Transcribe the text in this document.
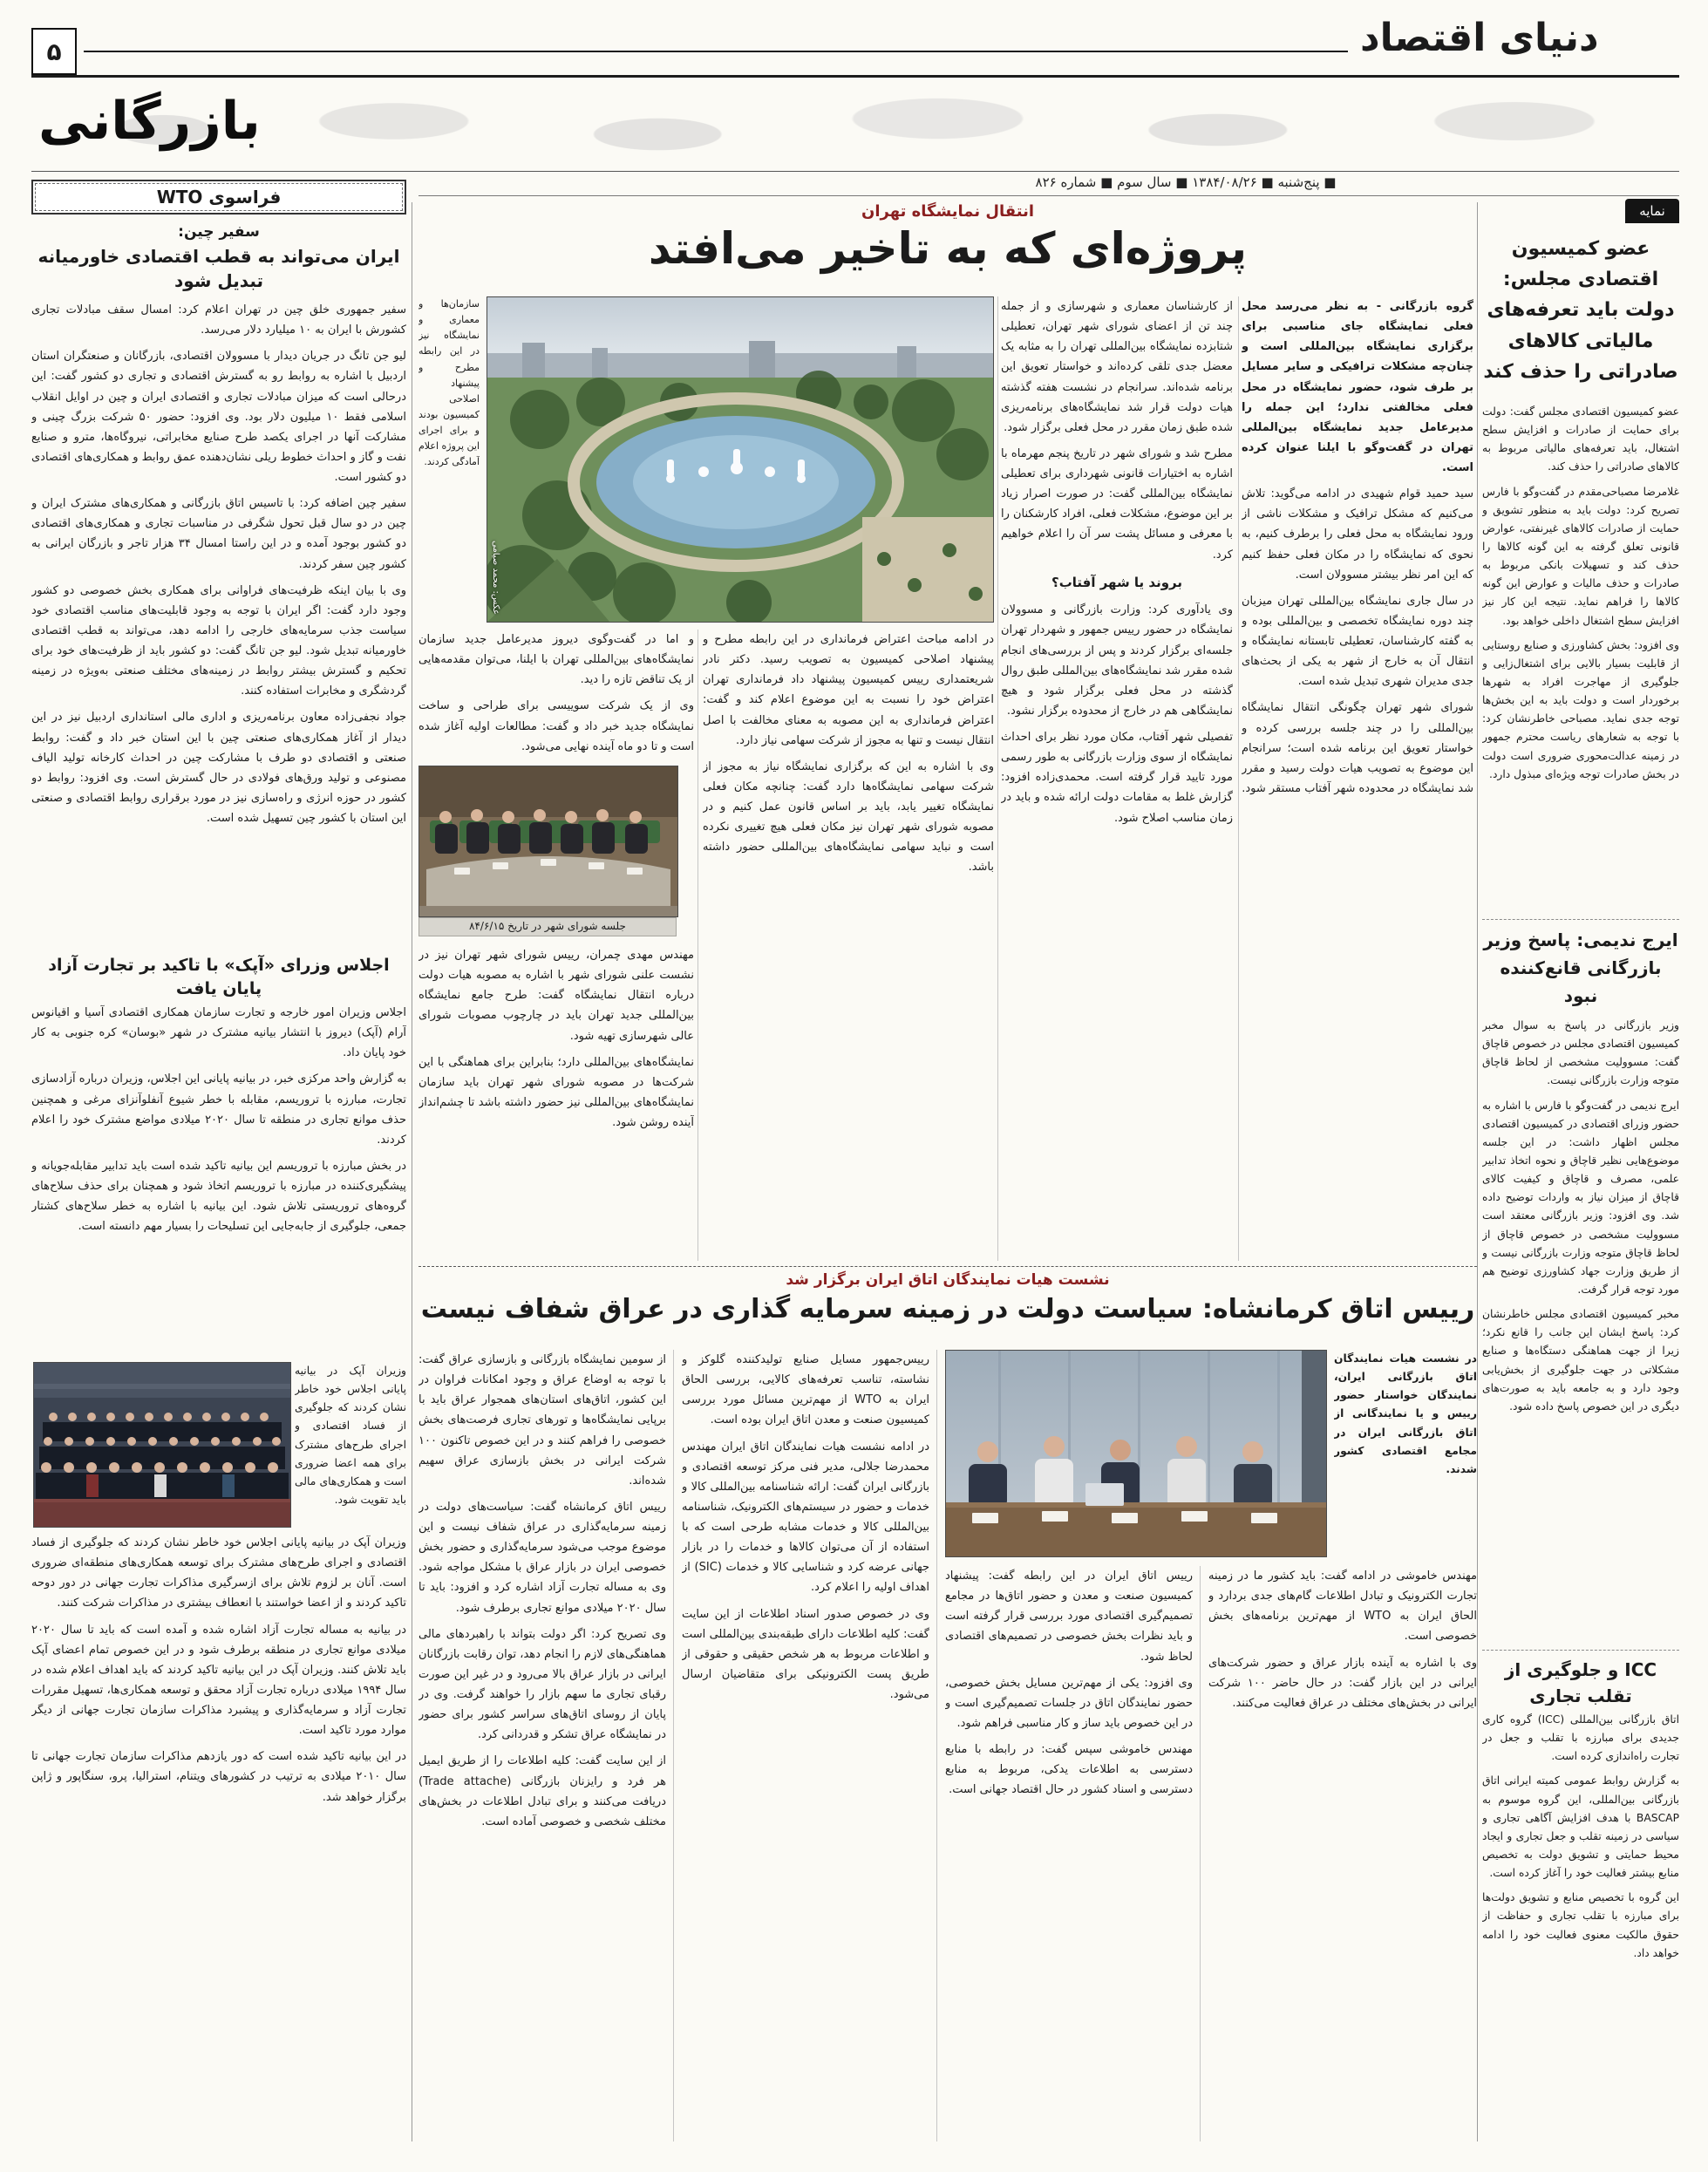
۵	دنیای اقتصاد
بازرگانی
■ پنج‌شنبه ■ ۱۳۸۴/۰۸/۲۶ ■ سال سوم ■ شماره ۸۲۶
نمایه
عضو کمیسیون اقتصادی مجلس: دولت باید تعرفه‌های مالیاتی کالاهای صادراتی را حذف کند

عضو کمیسیون اقتصادی مجلس گفت: دولت برای حمایت از صادرات و افزایش سطح اشتغال، باید تعرفه‌های مالیاتی مربوط به کالاهای صادراتی را حذف کند.

غلامرضا مصباحی‌مقدم در گفت‌وگو با فارس تصریح کرد: دولت باید به منظور تشویق و حمایت از صادرات کالاهای غیرنفتی، عوارض قانونی تعلق گرفته به این گونه کالاها را حذف کند و تسهیلات بانکی مربوط به صادرات و حذف مالیات و عوارض این گونه کالاها را فراهم نماید. نتیجه این کار نیز افزایش سطح اشتغال داخلی خواهد بود.

وی افزود: بخش کشاورزی و صنایع روستایی از قابلیت بسیار بالایی برای اشتغال‌زایی و جلوگیری از مهاجرت افراد به شهرها برخوردار است و دولت باید به این بخش‌ها توجه جدی نماید. مصباحی خاطرنشان کرد: با توجه به شعارهای ریاست محترم جمهور در زمینه عدالت‌محوری ضروری است دولت در بخش صادرات توجه ویژه‌ای مبذول دارد.

ایرج ندیمی: پاسخ وزیر بازرگانی قانع‌کننده نبود

وزیر بازرگانی در پاسخ به سوال مخبر کمیسیون اقتصادی مجلس در خصوص قاچاق گفت: مسوولیت مشخصی از لحاظ قاچاق متوجه وزارت بازرگانی نیست.

ایرج ندیمی در گفت‌وگو با فارس با اشاره به حضور وزرای اقتصادی در کمیسیون اقتصادی مجلس اظهار داشت: در این جلسه موضوع‌هایی نظیر قاچاق و نحوه اتخاذ تدابیر علمی، مصرف و قاچاق و کیفیت کالای قاچاق از میزان نیاز به واردات توضیح داده شد. وی افزود: وزیر بازرگانی معتقد است مسوولیت مشخصی در خصوص قاچاق از لحاظ قاچاق متوجه وزارت بازرگانی نیست و از طریق وزارت جهاد کشاورزی توضیح هم مورد توجه قرار گرفت.

مخبر کمیسیون اقتصادی مجلس خاطرنشان کرد: پاسخ ایشان این جانب را قانع نکرد؛ زیرا از جهت هماهنگی دستگاه‌ها و صنایع مشکلاتی در جهت جلوگیری از بخش‌یابی وجود دارد و به جامعه باید به صورت‌های دیگری در این خصوص پاسخ داده شود.

ICC و جلوگیری از تقلب تجاری

اتاق بازرگانی بین‌المللی (ICC) گروه کاری جدیدی برای مبارزه با تقلب و جعل در تجارت راه‌اندازی کرده است.

به گزارش روابط عمومی کمیته ایرانی اتاق بازرگانی بین‌المللی، این گروه موسوم به BASCAP با هدف افزایش آگاهی تجاری و سیاسی در زمینه تقلب و جعل تجاری و ایجاد محیط حمایتی و تشویق دولت به تخصیص منابع بیشتر فعالیت خود را آغاز کرده است.

این گروه با تخصیص منابع و تشویق دولت‌ها برای مبارزه با تقلب تجاری و حفاظت از حقوق مالکیت معنوی فعالیت خود را ادامه خواهد داد.

فراسوی WTO
سفیر چین:
ایران می‌تواند به قطب اقتصادی خاورمیانه تبدیل شود

سفیر جمهوری خلق چین در تهران اعلام کرد: امسال سقف مبادلات تجاری کشورش با ایران به ۱۰ میلیارد دلار می‌رسد.

لیو جن تانگ در جریان دیدار با مسوولان اقتصادی، بازرگانان و صنعتگران استان اردبیل با اشاره به روابط رو به گسترش اقتصادی و تجاری دو کشور گفت: این درحالی است که میزان مبادلات تجاری و اقتصادی ایران و چین در اوایل انقلاب اسلامی فقط ۱۰ میلیون دلار بود. وی افزود: حضور ۵۰ شرکت بزرگ چینی و مشارکت آنها در اجرای یکصد طرح صنایع مخابراتی، نیروگاه‌ها، مترو و صنایع نفت و گاز و احداث خطوط ریلی نشان‌دهنده عمق روابط و همکاری‌های اقتصادی دو کشور است.

سفیر چین اضافه کرد: با تاسیس اتاق بازرگانی و همکاری‌های مشترک ایران و چین در دو سال قبل تحول شگرفی در مناسبات تجاری و همکاری‌های اقتصادی دو کشور بوجود آمده و در این راستا امسال ۳۴ هزار تاجر و بازرگان ایرانی به کشور چین سفر کردند.

وی با بیان اینکه ظرفیت‌های فراوانی برای همکاری بخش خصوصی دو کشور وجود دارد گفت: اگر ایران با توجه به وجود قابلیت‌های مناسب اقتصادی خود سیاست جذب سرمایه‌های خارجی را ادامه دهد، می‌تواند به قطب اقتصادی خاورمیانه تبدیل شود. لیو جن تانگ گفت: دو کشور باید از ظرفیت‌های خود برای تحکیم و گسترش بیشتر روابط در زمینه‌های مختلف صنعتی به‌ویژه در زمینه گردشگری و مخابرات استفاده کنند.

جواد نجفی‌زاده معاون برنامه‌ریزی و اداری مالی استانداری اردبیل نیز در این دیدار از آغاز همکاری‌های صنعتی چین با این استان خبر داد و گفت: روابط صنعتی و اقتصادی دو طرف با مشارکت چین در احداث کارخانه تولید الیاف مصنوعی و تولید ورق‌های فولادی در حال گسترش است. وی افزود: روابط دو کشور در حوزه انرژی و راه‌سازی نیز در مورد برقراری روابط اقتصادی و صنعتی این استان با کشور چین تسهیل شده است.

اجلاس وزرای «آپک» با تاکید بر تجارت آزاد پایان یافت

اجلاس وزیران امور خارجه و تجارت سازمان همکاری اقتصادی آسیا و اقیانوس آرام (آپک) دیروز با انتشار بیانیه مشترک در شهر «بوسان» کره جنوبی به کار خود پایان داد.

به گزارش واحد مرکزی خبر، در بیانیه پایانی این اجلاس، وزیران درباره آزادسازی تجارت، مبارزه با تروریسم، مقابله با خطر شیوع آنفلوآنزای مرغی و همچنین حذف موانع تجاری در منطقه تا سال ۲۰۲۰ میلادی مواضع مشترک خود را اعلام کردند.

در بخش مبارزه با تروریسم این بیانیه تاکید شده است باید تدابیر مقابله‌جویانه و پیشگیری‌کننده در مبارزه با تروریسم اتخاذ شود و همچنان برای حذف سلاح‌های گروه‌های تروریستی تلاش شود. این بیانیه با اشاره به خطر سلاح‌های کشتار جمعی، جلوگیری از جابه‌جایی این تسلیحات را بسیار مهم دانسته است.

وزیران آپک در بیانیه پایانی اجلاس خود خاطر نشان کردند که جلوگیری از فساد اقتصادی و اجرای طرح‌های مشترک برای همه اعضا ضروری است و همکاری‌های مالی باید تقویت شود.

وزیران آپک در بیانیه پایانی اجلاس خود خاطر نشان کردند که جلوگیری از فساد اقتصادی و اجرای طرح‌های مشترک برای توسعه همکاری‌های منطقه‌ای ضروری است. آنان بر لزوم تلاش برای ازسرگیری مذاکرات تجارت جهانی در دور دوحه تاکید کردند و از اعضا خواستند با انعطاف بیشتری در مذاکرات شرکت کنند.

در بیانیه به مساله تجارت آزاد اشاره شده و آمده است که باید تا سال ۲۰۲۰ میلادی موانع تجاری در منطقه برطرف شود و در این خصوص تمام اعضای آپک باید تلاش کنند. وزیران آپک در این بیانیه تاکید کردند که باید اهداف اعلام شده در سال ۱۹۹۴ میلادی درباره تجارت آزاد محقق و توسعه همکاری‌ها، تسهیل مقررات تجارت آزاد و سرمایه‌گذاری و پیشبرد مذاکرات سازمان تجارت جهانی از دیگر موارد مورد تاکید است.

در این بیانیه تاکید شده است که دور یازدهم مذاکرات سازمان تجارت جهانی تا سال ۲۰۱۰ میلادی به ترتیب در کشورهای ویتنام، استرالیا، پرو، سنگاپور و ژاپن برگزار خواهد شد.

انتقال نمایشگاه تهران
پروژه‌ای که به تاخیر می‌افتد
عکس: محمد صیامی

گروه بازرگانی - به نظر می‌رسد محل فعلی نمایشگاه جای مناسبی برای برگزاری نمایشگاه بین‌المللی است و چنان‌چه مشکلات ترافیکی و سایر مسایل بر طرف شود، حضور نمایشگاه در محل فعلی مخالفتی ندارد؛ این جمله را مدیرعامل جدید نمایشگاه بین‌المللی تهران در گفت‌وگو با ایلنا عنوان کرده است.

سید حمید قوام شهیدی در ادامه می‌گوید: تلاش می‌کنیم که مشکل ترافیک و مشکلات ناشی از ورود نمایشگاه به محل فعلی را برطرف کنیم، به نحوی که نمایشگاه را در مکان فعلی حفظ کنیم که این امر نظر بیشتر مسوولان است.

در سال جاری نمایشگاه بین‌المللی تهران میزبان چند دوره نمایشگاه تخصصی و بین‌المللی بوده و به گفته کارشناسان، تعطیلی تابستانه نمایشگاه و انتقال آن به خارج از شهر به یکی از بحث‌های جدی مدیران شهری تبدیل شده است.

شورای شهر تهران چگونگی انتقال نمایشگاه بین‌المللی را در چند جلسه بررسی کرده و خواستار تعویق این برنامه شده است؛ سرانجام این موضوع به تصویب هیات دولت رسید و مقرر شد نمایشگاه در محدوده شهر آفتاب مستقر شود.

از کارشناسان معماری و شهرسازی و از جمله چند تن از اعضای شورای شهر تهران، تعطیلی شتابزده نمایشگاه بین‌المللی تهران را به مثابه یک معضل جدی تلقی کرده‌اند و خواستار تعویق این برنامه شده‌اند. سرانجام در نشست هفته گذشته هیات دولت قرار شد نمایشگاه‌های برنامه‌ریزی شده طبق زمان مقرر در محل فعلی برگزار شود.

مطرح شد و شورای شهر در تاریخ پنجم مهرماه با اشاره به اختیارات قانونی شهرداری برای تعطیلی نمایشگاه بین‌المللی گفت: در صورت اصرار زیاد بر این موضوع، مشکلات فعلی، افراد کارشکنان را با معرفی و مسائل پشت سر آن را اعلام خواهیم کرد.

بروند یا شهر آفتاب؟

وی یادآوری کرد: وزارت بازرگانی و مسوولان نمایشگاه در حضور رییس جمهور و شهردار تهران جلسه‌ای برگزار کردند و پس از بررسی‌های انجام شده مقرر شد نمایشگاه‌های بین‌المللی طبق روال گذشته در محل فعلی برگزار شود و هیچ نمایشگاهی هم در خارج از محدوده برگزار نشود.

تفصیلی شهر آفتاب، مکان مورد نظر برای احداث نمایشگاه از سوی وزارت بازرگانی به طور رسمی مورد تایید قرار گرفته است. محمدی‌زاده افزود: گزارش غلط به مقامات دولت ارائه شده و باید در زمان مناسب اصلاح شود.

سازمان‌ها و معماری و نمایشگاه نیز در این رابطه مطرح و پیشنهاد اصلاحی کمیسیون بودند و برای اجرای این پروژه اعلام آمادگی کردند.

در ادامه مباحث اعتراض فرمانداری در این رابطه مطرح و پیشنهاد اصلاحی کمیسیون به تصویب رسید. دکتر نادر شریعتمداری رییس کمیسیون پیشنهاد داد فرمانداری تهران اعتراض خود را نسبت به این موضوع اعلام کند و گفت: اعتراض فرمانداری به این مصوبه به معنای مخالفت با اصل انتقال نیست و تنها به مجوز از شرکت سهامی نیاز دارد.

وی با اشاره به این که برگزاری نمایشگاه نیاز به مجوز از شرکت سهامی نمایشگاه‌ها دارد گفت: چنانچه مکان فعلی نمایشگاه تغییر یابد، باید بر اساس قانون عمل کنیم و در مصوبه شورای شهر تهران نیز مکان فعلی هیچ تغییری نکرده است و نباید سهامی نمایشگاه‌های بین‌المللی حضور داشته باشد.

و اما در گفت‌وگوی دیروز مدیرعامل جدید سازمان نمایشگاه‌های بین‌المللی تهران با ایلنا، می‌توان مقدمه‌هایی از یک تناقض تازه را دید.

وی از یک شرکت سوییسی برای طراحی و ساخت نمایشگاه جدید خبر داد و گفت: مطالعات اولیه آغاز شده است و تا دو ماه آینده نهایی می‌شود.

جلسه شورای شهر در تاریخ ۸۴/۶/۱۵

مهندس مهدی چمران، رییس شورای شهر تهران نیز در نشست علنی شورای شهر با اشاره به مصوبه هیات دولت درباره انتقال نمایشگاه گفت: طرح جامع نمایشگاه بین‌المللی جدید تهران باید در چارچوب مصوبات شورای عالی شهرسازی تهیه شود.

نمایشگاه‌های بین‌المللی دارد؛ بنابراین برای هماهنگی با این شرکت‌ها در مصوبه شورای شهر تهران باید سازمان نمایشگاه‌های بین‌المللی نیز حضور داشته باشد تا چشم‌انداز آینده روشن شود.

نشست هیات نمایندگان اتاق ایران برگزار شد
رییس اتاق کرمانشاه: سیاست دولت در زمینه سرمایه گذاری در عراق شفاف نیست

در نشست هیات نمایندگان اتاق بازرگانی ایران، نمایندگان خواستار حضور رییس و یا نمایندگانی از اتاق بازرگانی ایران در مجامع اقتصادی کشور شدند.

از سومین نمایشگاه بازرگانی و بازسازی عراق گفت: با توجه به اوضاع عراق و وجود امکانات فراوان در این کشور، اتاق‌های استان‌های همجوار عراق باید با برپایی نمایشگاه‌ها و تورهای تجاری فرصت‌های بخش خصوصی را فراهم کنند و در این خصوص تاکنون ۱۰۰ شرکت ایرانی در بخش بازسازی عراق سهیم شده‌اند.

رییس اتاق کرمانشاه گفت: سیاست‌های دولت در زمینه سرمایه‌گذاری در عراق شفاف نیست و این موضوع موجب می‌شود سرمایه‌گذاری و حضور بخش خصوصی ایران در بازار عراق با مشکل مواجه شود. وی به مساله تجارت آزاد اشاره کرد و افزود: باید تا سال ۲۰۲۰ میلادی موانع تجاری برطرف شود.

وی تصریح کرد: اگر دولت بتواند با راهبردهای مالی هماهنگی‌های لازم را انجام دهد، توان رقابت بازرگانان ایرانی در بازار عراق بالا می‌رود و در غیر این صورت رقبای تجاری ما سهم بازار را خواهند گرفت. وی در پایان از روسای اتاق‌های سراسر کشور برای حضور در نمایشگاه عراق تشکر و قدردانی کرد.

از این سایت گفت: کلیه اطلاعات را از طریق ایمیل هر فرد و رایزنان بازرگانی (Trade attache) دریافت می‌کنند و برای تبادل اطلاعات در بخش‌های مختلف شخصی و خصوصی آماده است.

رییس‌جمهور مسایل صنایع تولیدکننده گلوکز و نشاسته، تناسب تعرفه‌های کالایی، بررسی الحاق ایران به WTO از مهم‌ترین مسائل مورد بررسی کمیسیون صنعت و معدن اتاق ایران بوده است.

در ادامه نشست هیات نمایندگان اتاق ایران مهندس محمدرضا جلالی، مدیر فنی مرکز توسعه اقتصادی و بازرگانی ایران گفت: ارائه شناسنامه بین‌المللی کالا و خدمات و حضور در سیستم‌های الکترونیک، شناسنامه بین‌المللی کالا و خدمات مشابه طرحی است که با استفاده از آن می‌توان کالاها و خدمات را در بازار جهانی عرضه کرد و شناسایی کالا و خدمات (SIC) از اهداف اولیه را اعلام کرد.

وی در خصوص صدور اسناد اطلاعات از این سایت گفت: کلیه اطلاعات دارای طبقه‌بندی بین‌المللی است و اطلاعات مربوط به هر شخص حقیقی و حقوقی از طریق پست الکترونیکی برای متقاضیان ارسال می‌شود.

رییس اتاق ایران در این رابطه گفت: پیشنهاد کمیسیون صنعت و معدن و حضور اتاق‌ها در مجامع تصمیم‌گیری اقتصادی مورد بررسی قرار گرفته است و باید نظرات بخش خصوصی در تصمیم‌های اقتصادی لحاظ شود.

وی افزود: یکی از مهم‌ترین مسایل بخش خصوصی، حضور نمایندگان اتاق در جلسات تصمیم‌گیری است و در این خصوص باید ساز و کار مناسبی فراهم شود.

مهندس خاموشی سپس گفت: در رابطه با منابع دسترسی به اطلاعات یدکی، مربوط به منابع دسترسی و اسناد کشور در حال اقتصاد جهانی است.

مهندس خاموشی در ادامه گفت: باید کشور ما در زمینه تجارت الکترونیک و تبادل اطلاعات گام‌های جدی بردارد و الحاق ایران به WTO از مهم‌ترین برنامه‌های بخش خصوصی است.

وی با اشاره به آینده بازار عراق و حضور شرکت‌های ایرانی در این بازار گفت: در حال حاضر ۱۰۰ شرکت ایرانی در بخش‌های مختلف در عراق فعالیت می‌کنند.
